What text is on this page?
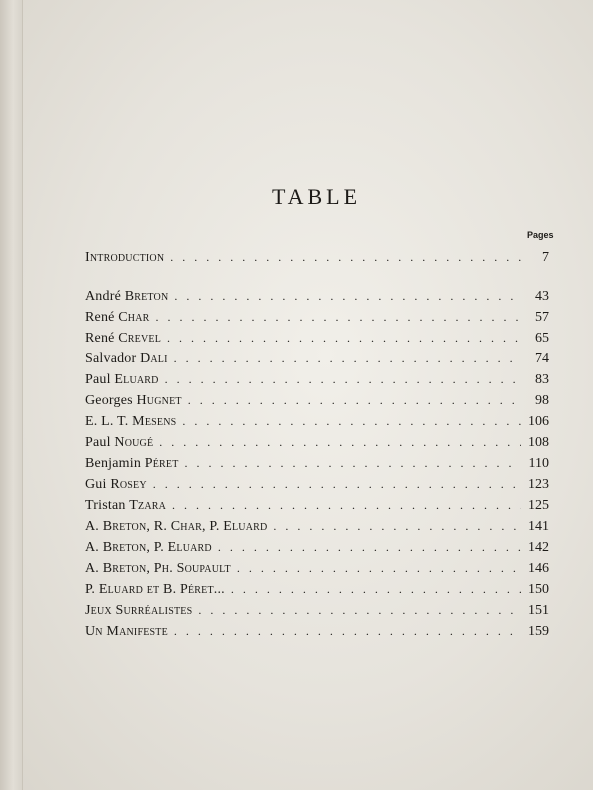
TABLE
Pages
Introduction . . .	7
André Breton . . .	43
René Char . . .	57
René Crevel . . .	65
Salvador Dali . . .	74
Paul Eluard . . .	83
Georges Hugnet . . .	98
E. L. T. Mesens . . .	106
Paul Nougé . . .	108
Benjamin Péret . . .	110
Gui Rosey . . .	123
Tristan Tzara . . .	125
A. Breton, R. Char, P. Eluard . . .	141
A. Breton, P. Eluard . . .	142
A. Breton, Ph. Soupault . . .	146
P. Eluard et B. Péret... . . .	150
Jeux Surréalistes . . .	151
Un Manifeste . . .	159
